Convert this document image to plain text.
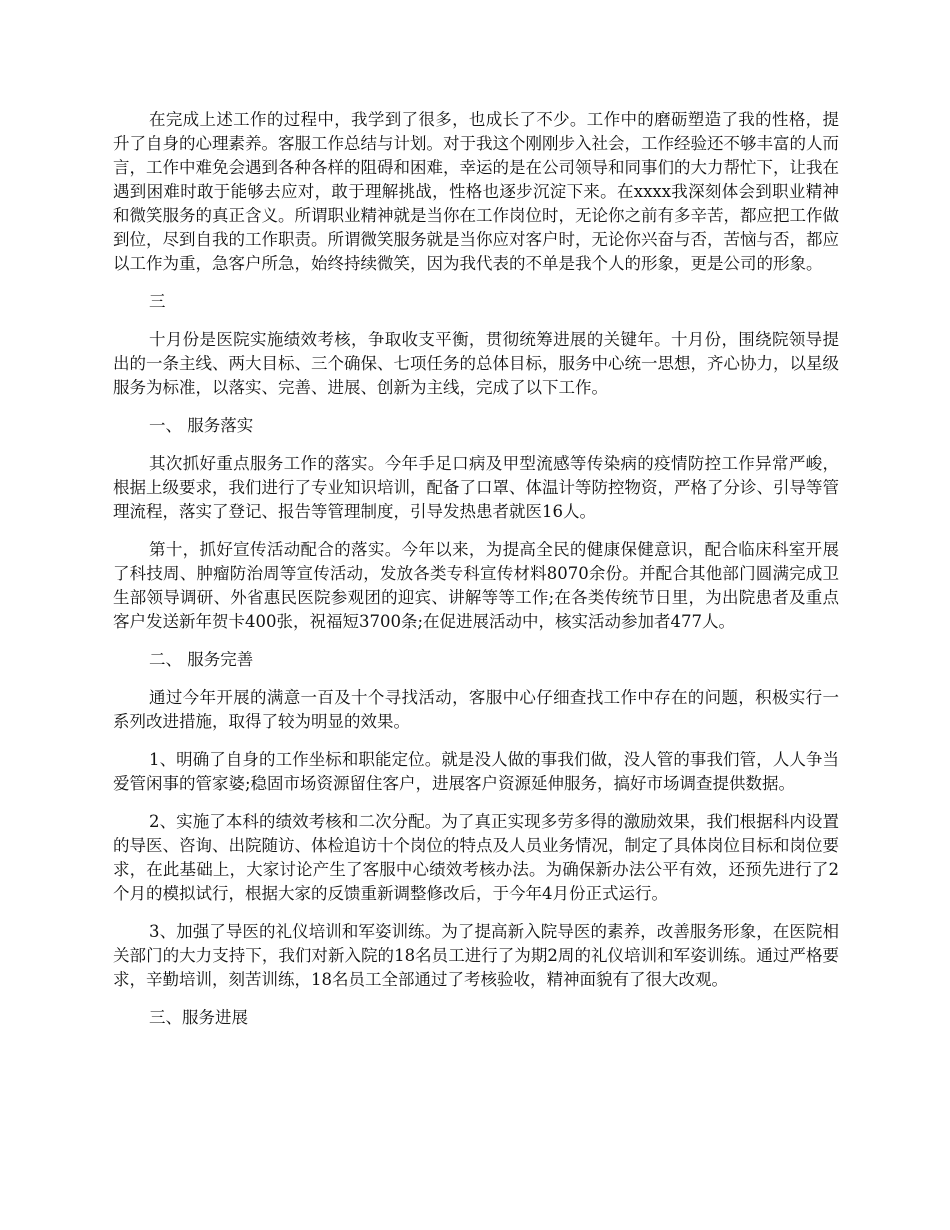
在完成上述工作的过程中，我学到了很多，也成长了不少。工作中的磨砺塑造了我的性格，提升了自身的心理素养。客服工作总结与计划。对于我这个刚刚步入社会，工作经验还不够丰富的人而言，工作中难免会遇到各种各样的阻碍和困难，幸运的是在公司领导和同事们的大力帮忙下，让我在遇到困难时敢于能够去应对，敢于理解挑战，性格也逐步沉淀下来。在xxxx我深刻体会到职业精神和微笑服务的真正含义。所谓职业精神就是当你在工作岗位时，无论你之前有多辛苦，都应把工作做到位，尽到自我的工作职责。所谓微笑服务就是当你应对客户时，无论你兴奋与否，苦恼与否，都应以工作为重，急客户所急，始终持续微笑，因为我代表的不单是我个人的形象，更是公司的形象。

三

十月份是医院实施绩效考核，争取收支平衡，贯彻统筹进展的关键年。十月份，围绕院领导提出的一条主线、两大目标、三个确保、七项任务的总体目标，服务中心统一思想，齐心协力，以星级服务为标准，以落实、完善、进展、创新为主线，完成了以下工作。

一、 服务落实

其次抓好重点服务工作的落实。今年手足口病及甲型流感等传染病的疫情防控工作异常严峻，根据上级要求，我们进行了专业知识培训，配备了口罩、体温计等防控物资，严格了分诊、引导等管理流程，落实了登记、报告等管理制度，引导发热患者就医16人。

第十，抓好宣传活动配合的落实。今年以来，为提高全民的健康保健意识，配合临床科室开展了科技周、肿瘤防治周等宣传活动，发放各类专科宣传材料8070余份。并配合其他部门圆满完成卫生部领导调研、外省惠民医院参观团的迎宾、讲解等等工作;在各类传统节日里，为出院患者及重点客户发送新年贺卡400张，祝福短3700条;在促进展活动中，核实活动参加者477人。

二、 服务完善

通过今年开展的满意一百及十个寻找活动，客服中心仔细查找工作中存在的问题，积极实行一系列改进措施，取得了较为明显的效果。

1、明确了自身的工作坐标和职能定位。就是没人做的事我们做，没人管的事我们管，人人争当爱管闲事的管家婆;稳固市场资源留住客户，进展客户资源延伸服务，搞好市场调查提供数据。

2、实施了本科的绩效考核和二次分配。为了真正实现多劳多得的激励效果，我们根据科内设置的导医、咨询、出院随访、体检追访十个岗位的特点及人员业务情况，制定了具体岗位目标和岗位要求，在此基础上，大家讨论产生了客服中心绩效考核办法。为确保新办法公平有效，还预先进行了2个月的模拟试行，根据大家的反馈重新调整修改后，于今年4月份正式运行。

3、加强了导医的礼仪培训和军姿训练。为了提高新入院导医的素养，改善服务形象，在医院相关部门的大力支持下，我们对新入院的18名员工进行了为期2周的礼仪培训和军姿训练。通过严格要求，辛勤培训，刻苦训练，18名员工全部通过了考核验收，精神面貌有了很大改观。

三、服务进展
